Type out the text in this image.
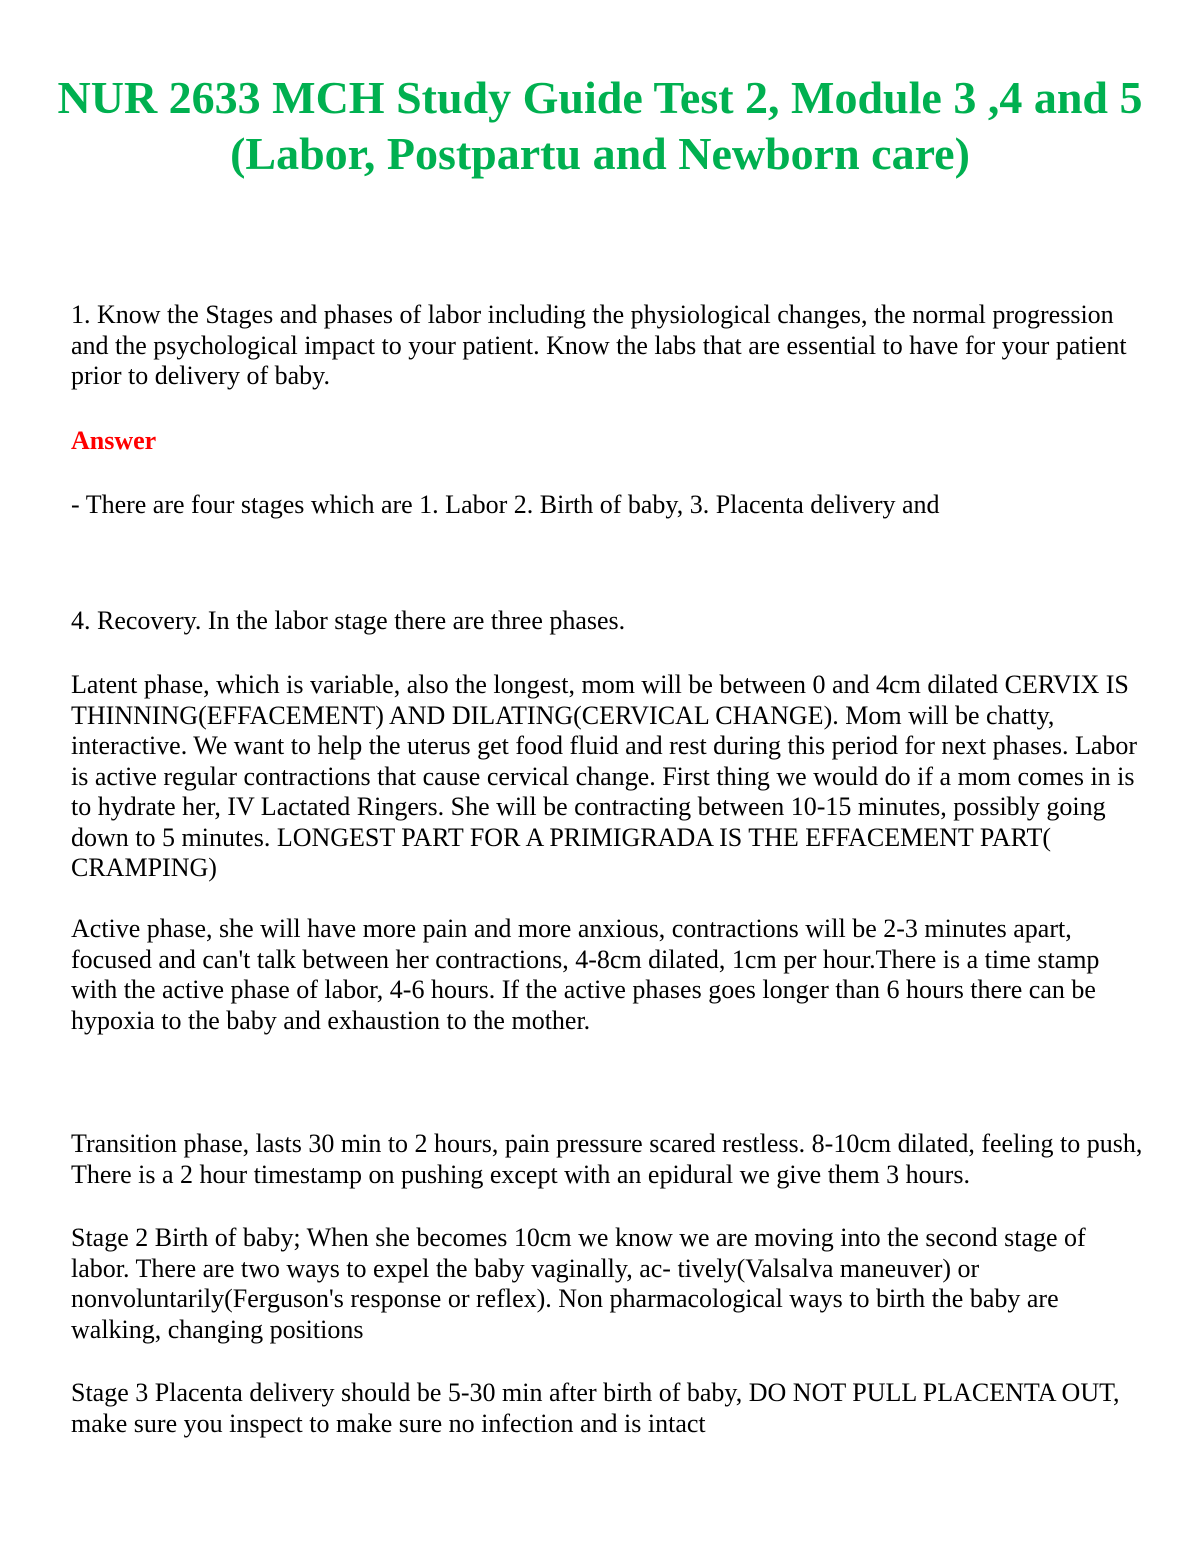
NUR 2633 MCH Study Guide Test 2, Module 3 ,4 and 5 (Labor, Postpartu and Newborn care)

1. Know the Stages and phases of labor including the physiological changes, the normal progression and the psychological impact to your patient. Know the labs that are essential to have for your patient prior to delivery of baby.

Answer

- There are four stages which are 1. Labor 2. Birth of baby, 3. Placenta delivery and

4. Recovery. In the labor stage there are three phases.

Latent phase, which is variable, also the longest, mom will be between 0 and 4cm dilated CERVIX IS THINNING(EFFACEMENT) AND DILATING(CERVICAL CHANGE). Mom will be chatty, interactive. We want to help the uterus get food fluid and rest during this period for next phases. Labor is active regular contractions that cause cervical change. First thing we would do if a mom comes in is to hydrate her, IV Lactated Ringers. She will be contracting between 10-15 minutes, possibly going down to 5 minutes. LONGEST PART FOR A PRIMIGRADA IS THE EFFACEMENT PART( CRAMPING)

Active phase, she will have more pain and more anxious, contractions will be 2-3 minutes apart, focused and can't talk between her contractions, 4-8cm dilated, 1cm per hour.There is a time stamp with the active phase of labor, 4-6 hours. If the active phases goes longer than 6 hours there can be hypoxia to the baby and exhaustion to the mother.

Transition phase, lasts 30 min to 2 hours, pain pressure scared restless. 8-10cm dilated, feeling to push, There is a 2 hour timestamp on pushing except with an epidural we give them 3 hours.

Stage 2 Birth of baby; When she becomes 10cm we know we are moving into the second stage of labor. There are two ways to expel the baby vaginally, ac- tively(Valsalva maneuver) or nonvoluntarily(Ferguson's response or reflex). Non pharmacological ways to birth the baby are walking, changing positions

Stage 3 Placenta delivery should be 5-30 min after birth of baby, DO NOT PULL PLACENTA OUT, make sure you inspect to make sure no infection and is intact
